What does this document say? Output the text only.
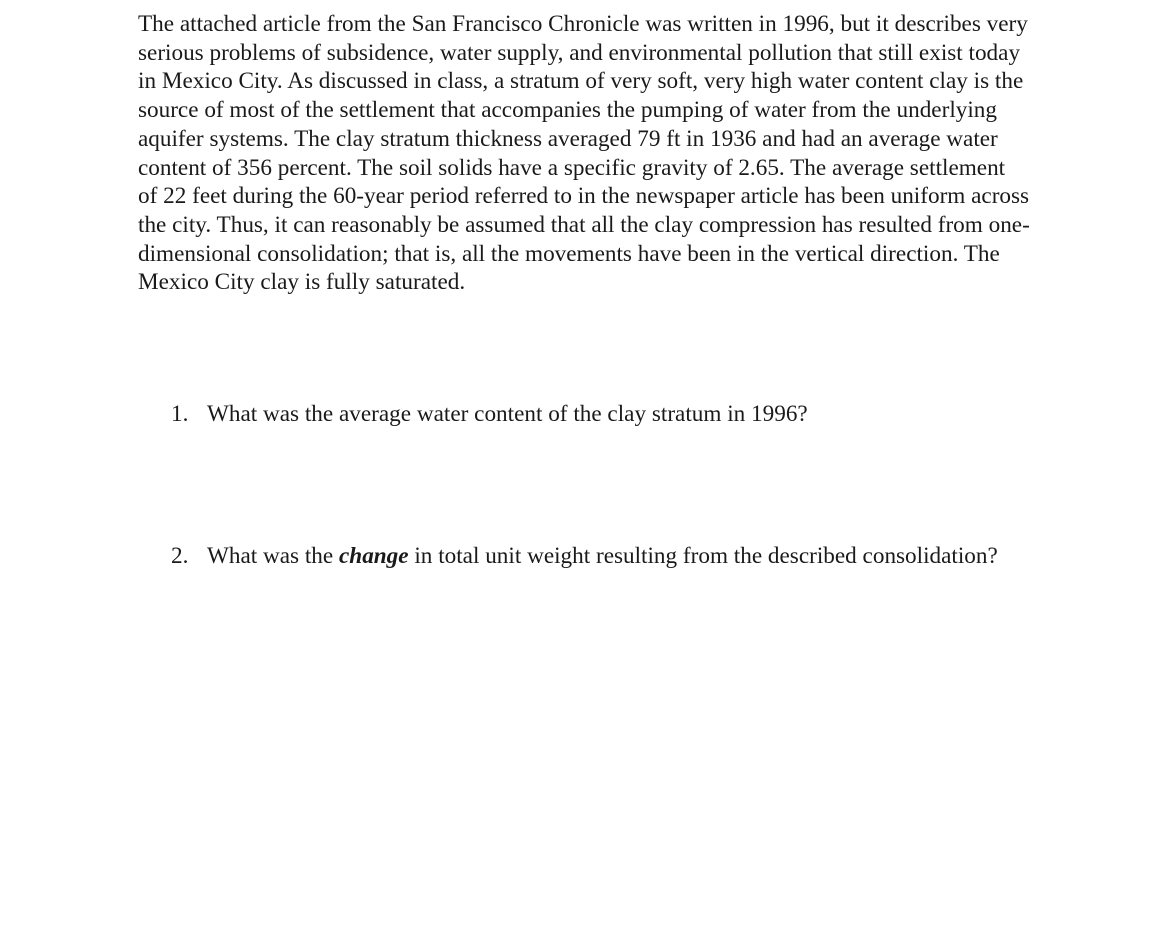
The attached article from the San Francisco Chronicle was written in 1996, but it describes very
serious problems of subsidence, water supply, and environmental pollution that still exist today
in Mexico City. As discussed in class, a stratum of very soft, very high water content clay is the
source of most of the settlement that accompanies the pumping of water from the underlying
aquifer systems. The clay stratum thickness averaged 79 ft in 1936 and had an average water
content of 356 percent. The soil solids have a specific gravity of 2.65. The average settlement
of 22 feet during the 60-year period referred to in the newspaper article has been uniform across
the city. Thus, it can reasonably be assumed that all the clay compression has resulted from one-
dimensional consolidation; that is, all the movements have been in the vertical direction. The
Mexico City clay is fully saturated.

1. What was the average water content of the clay stratum in 1996?

2. What was the change in total unit weight resulting from the described consolidation?
